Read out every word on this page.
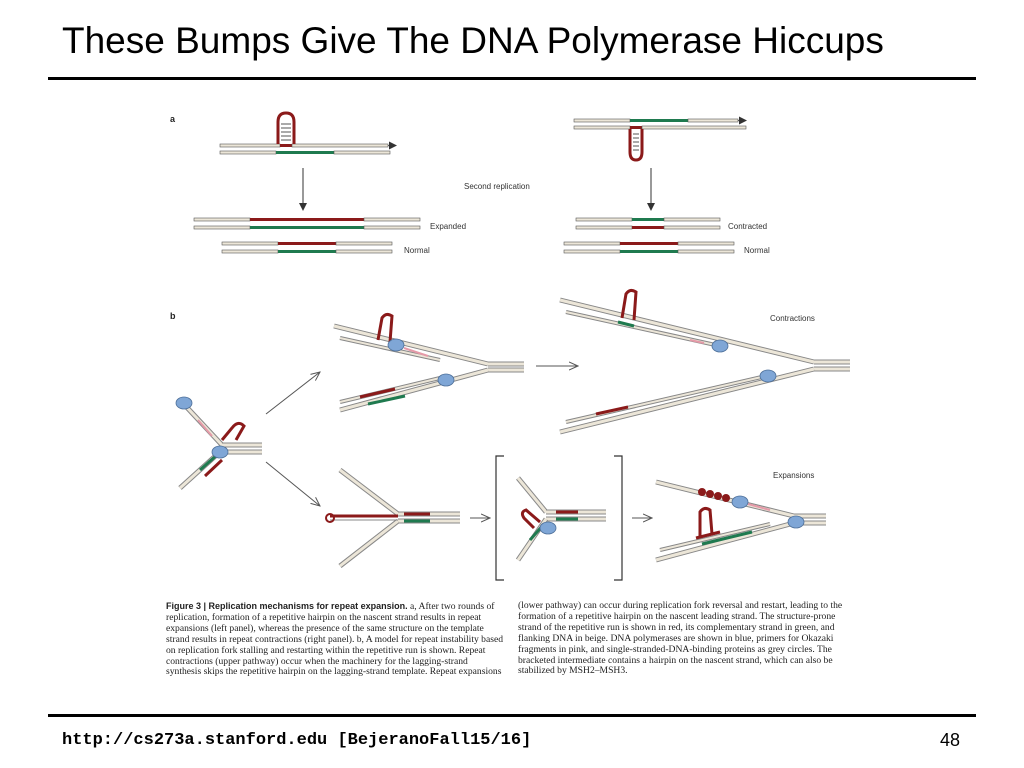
These Bumps Give The DNA Polymerase Hiccups
a
Second replication
Expanded
Normal
Contracted
Normal
b	Contractions
Expansions
Figure 3 | Replication mechanisms for repeat expansion. a, After two rounds of replication, formation of a repetitive hairpin on the nascent strand results in repeat expansions (left panel), whereas the presence of the same structure on the template strand results in repeat contractions (right panel). b, A model for repeat instability based on replication fork stalling and restarting within the repetitive run is shown. Repeat contractions (upper pathway) occur when the machinery for the lagging-strand synthesis skips the repetitive hairpin on the lagging-strand template. Repeat expansions
(lower pathway) can occur during replication fork reversal and restart, leading to the formation of a repetitive hairpin on the nascent leading strand. The structure-prone strand of the repetitive run is shown in red, its complementary strand in green, and flanking DNA in beige. DNA polymerases are shown in blue, primers for Okazaki fragments in pink, and single-stranded-DNA-binding proteins as grey circles. The bracketed intermediate contains a hairpin on the nascent strand, which can also be stabilized by MSH2–MSH3.
http://cs273a.stanford.edu [BejeranoFall15/16]	48
